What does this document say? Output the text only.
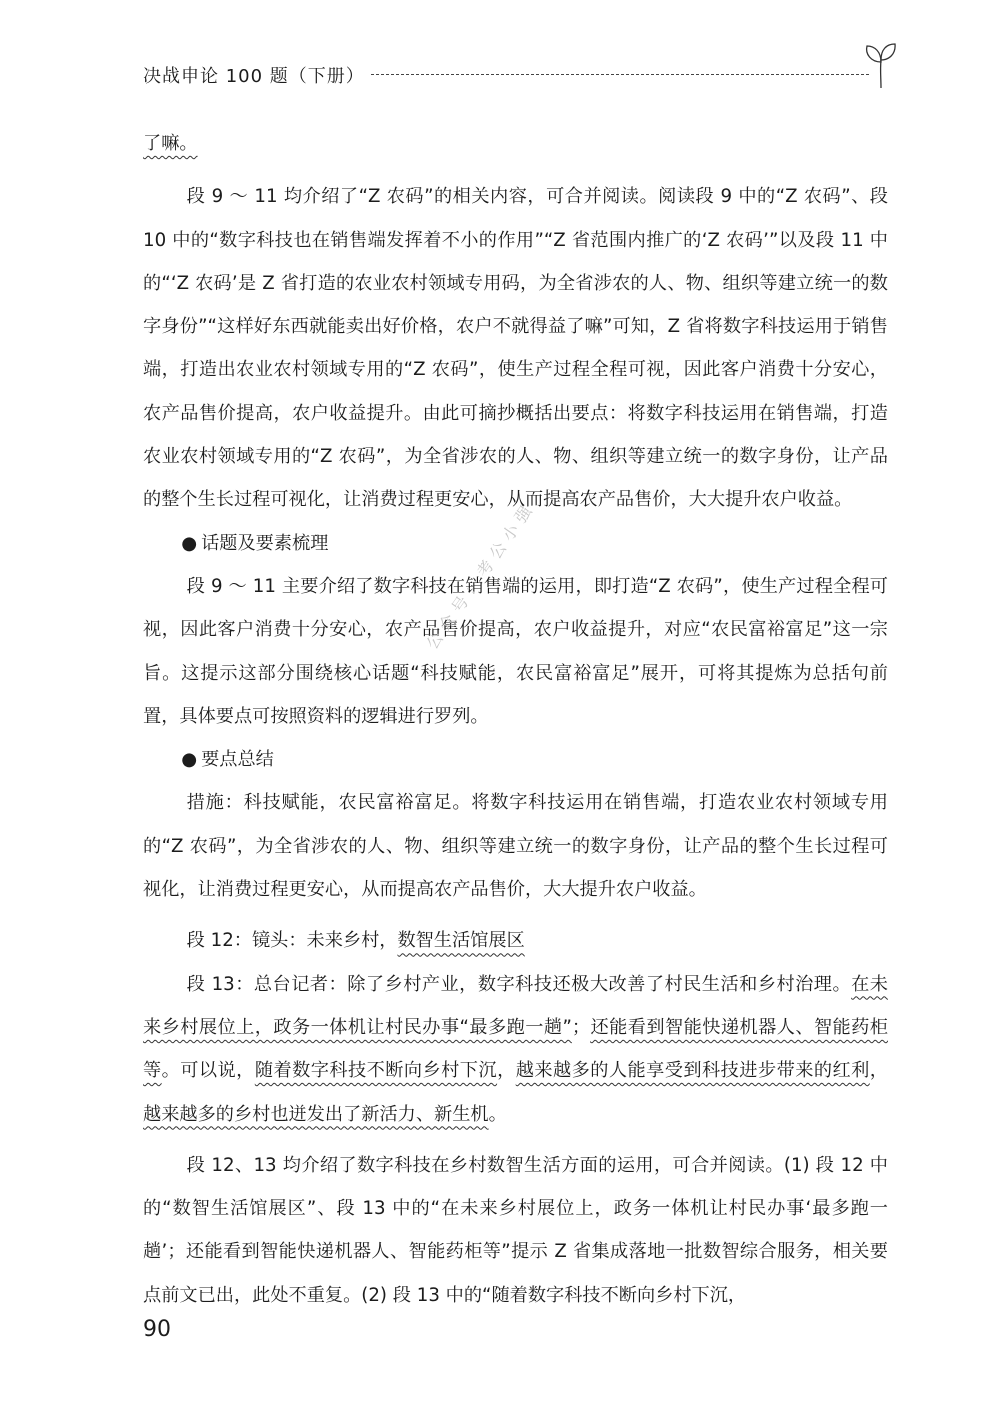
决战申论 100 题（下册）

了嘛。

段 9 ～ 11 均介绍了“Z 农码”的相关内容，可合并阅读。阅读段 9 中的“Z 农码”、段 10 中的“数字科技也在销售端发挥着不小的作用”“Z 省范围内推广的‘Z 农码’”以及段 11 中的“‘Z 农码’是 Z 省打造的农业农村领域专用码，为全省涉农的人、物、组织等建立统一的数字身份”“这样好东西就能卖出好价格，农户不就得益了嘛”可知，Z 省将数字科技运用于销售端，打造出农业农村领域专用的“Z 农码”，使生产过程全程可视，因此客户消费十分安心，农产品售价提高，农户收益提升。由此可摘抄概括出要点：将数字科技运用在销售端，打造农业农村领域专用的“Z 农码”，为全省涉农的人、物、组织等建立统一的数字身份，让产品的整个生长过程可视化，让消费过程更安心，从而提高农产品售价，大大提升农户收益。

● 话题及要素梳理

段 9 ～ 11 主要介绍了数字科技在销售端的运用，即打造“Z 农码”，使生产过程全程可视，因此客户消费十分安心，农产品售价提高，农户收益提升，对应“农民富裕富足”这一宗旨。这提示这部分围绕核心话题“科技赋能，农民富裕富足”展开，可将其提炼为总括句前置，具体要点可按照资料的逻辑进行罗列。

● 要点总结

措施：科技赋能，农民富裕富足。将数字科技运用在销售端，打造农业农村领域专用的“Z 农码”，为全省涉农的人、物、组织等建立统一的数字身份，让产品的整个生长过程可视化，让消费过程更安心，从而提高农产品售价，大大提升农户收益。

段 12：镜头：未来乡村，数智生活馆展区

段 13：总台记者：除了乡村产业，数字科技还极大改善了村民生活和乡村治理。在未来乡村展位上，政务一体机让村民办事“最多跑一趟”；还能看到智能快递机器人、智能药柜等。可以说，随着数字科技不断向乡村下沉，越来越多的人能享受到科技进步带来的红利，越来越多的乡村也迸发出了新活力、新生机。

段 12、13 均介绍了数字科技在乡村数智生活方面的运用，可合并阅读。(1) 段 12 中的“数智生活馆展区”、段 13 中的“在未来乡村展位上，政务一体机让村民办事‘最多跑一趟’；还能看到智能快递机器人、智能药柜等”提示 Z 省集成落地一批数智综合服务，相关要点前文已出，此处不重复。(2) 段 13 中的“随着数字科技不断向乡村下沉，

公众号：考公小强
90
